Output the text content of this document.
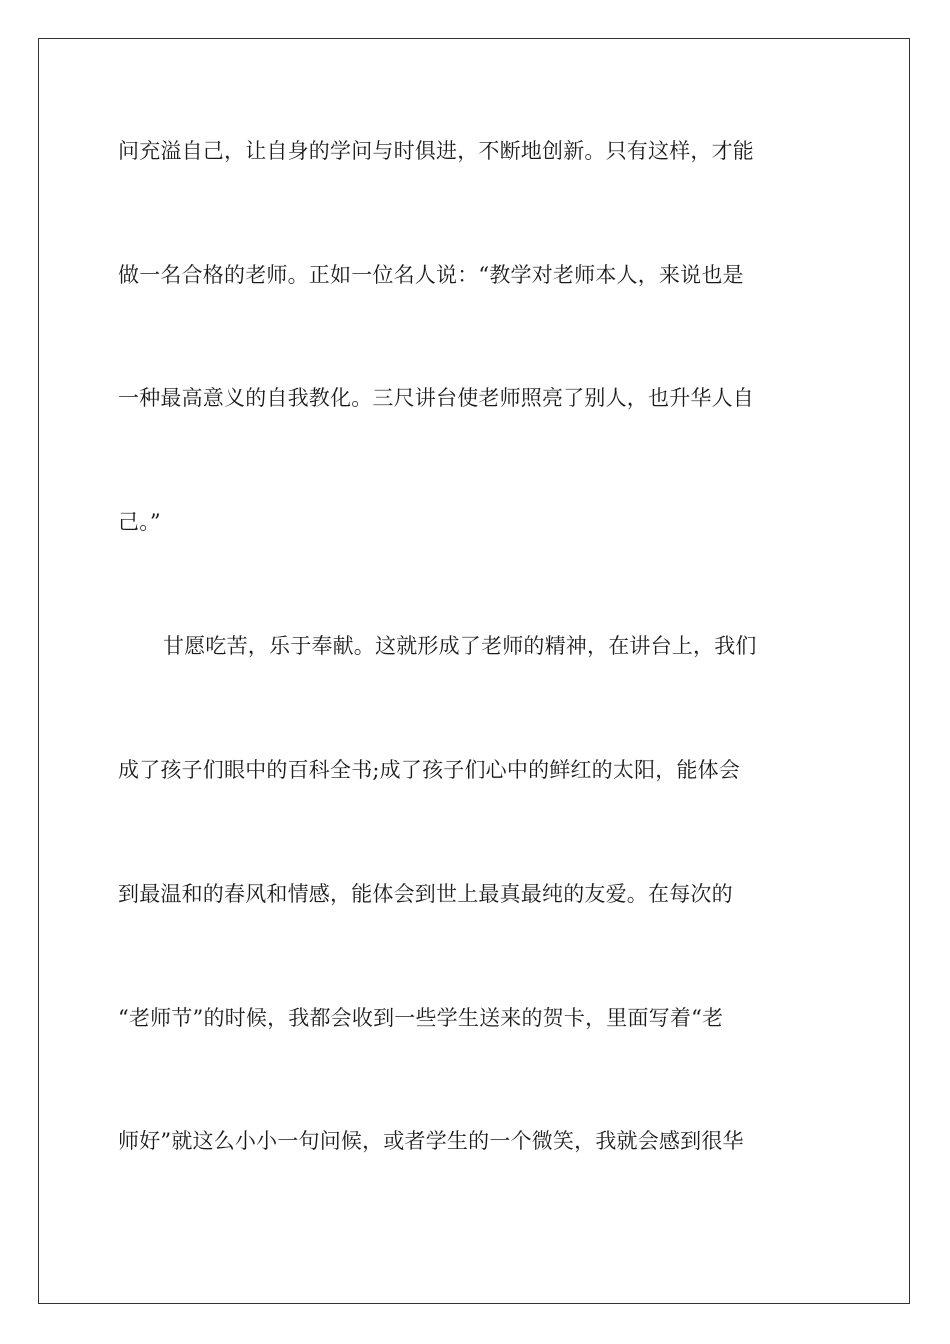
问充溢自己，让自身的学问与时俱进，不断地创新。只有这样，才能
做一名合格的老师。正如一位名人说：“教学对老师本人，来说也是
一种最高意义的自我教化。三尺讲台使老师照亮了别人，也升华人自
己。”
甘愿吃苦，乐于奉献。这就形成了老师的精神，在讲台上，我们
成了孩子们眼中的百科全书;成了孩子们心中的鲜红的太阳，能体会
到最温和的春风和情感，能体会到世上最真最纯的友爱。在每次的
“老师节”的时候，我都会收到一些学生送来的贺卡，里面写着“老
师好”就这么小小一句问候，或者学生的一个微笑，我就会感到很华
